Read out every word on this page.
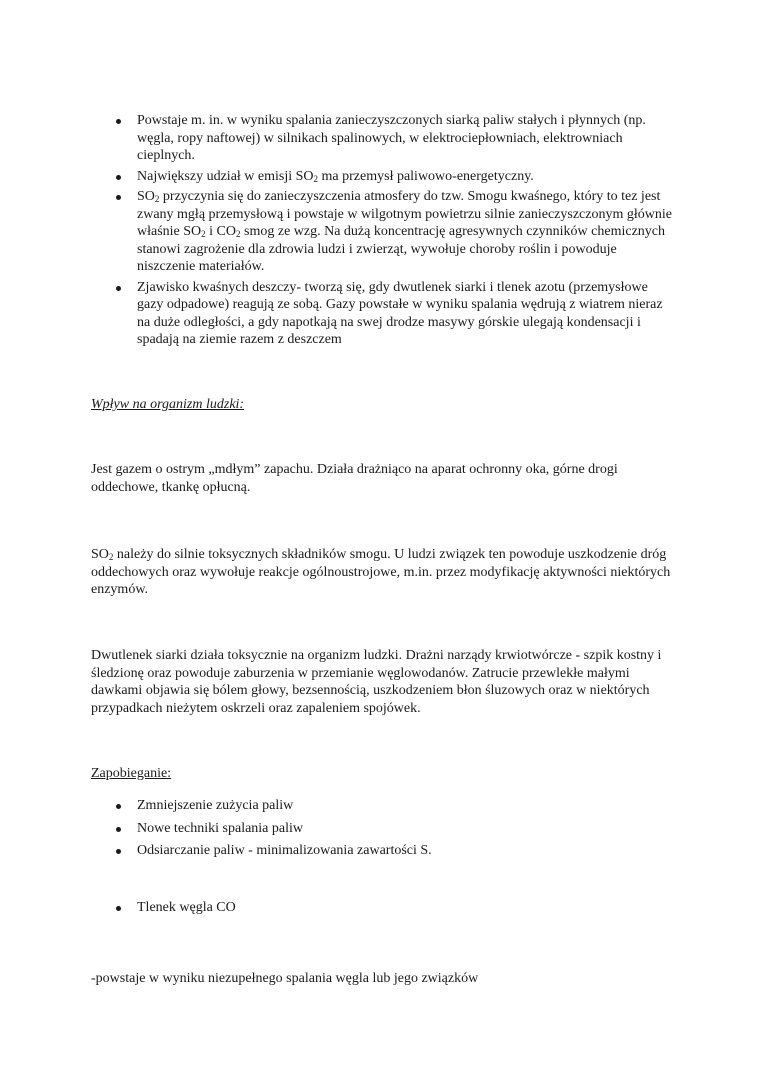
Powstaje m. in. w wyniku spalania zanieczyszczonych siarką paliw stałych i płynnych (np. węgla, ropy naftowej) w silnikach spalinowych, w elektrociepłowniach, elektrowniach cieplnych.
Największy udział w emisji $SO_2$ ma przemysł paliwowo-energetyczny.
$SO_2$ przyczynia się do zanieczyszczenia atmosfery do tzw. Smogu kwaśnego, który to tez jest zwany mgłą przemysłową i powstaje w wilgotnym powietrzu silnie zanieczyszczonym głównie właśnie $SO_2$ i $CO_2$ smog ze wzg. Na dużą koncentrację agresywnych czynników chemicznych stanowi zagrożenie dla zdrowia ludzi i zwierząt, wywołuje choroby roślin i powoduje niszczenie materiałów.
Zjawisko kwaśnych deszczy- tworzą się, gdy dwutlenek siarki i tlenek azotu (przemysłowe gazy odpadowe) reagują ze sobą. Gazy powstałe w wyniku spalania wędrują z wiatrem nieraz na duże odległości, a gdy napotkają na swej drodze masywy górskie ulegają kondensacji i spadają na ziemie razem z deszczem

Wpływ na organizm ludzki:

Jest gazem o ostrym „mdłym” zapachu. Działa drażniąco na aparat ochronny oka, górne drogi oddechowe, tkankę opłucną.

$SO_2$ należy do silnie toksycznych składników smogu. U ludzi związek ten powoduje uszkodzenie dróg oddechowych oraz wywołuje reakcje ogólnoustrojowe, m.in. przez modyfikację aktywności niektórych enzymów.

Dwutlenek siarki działa toksycznie na organizm ludzki. Drażni narządy krwiotwórcze - szpik kostny i śledzionę oraz powoduje zaburzenia w przemianie węglowodanów. Zatrucie przewlekłe małymi dawkami objawia się bólem głowy, bezsennością, uszkodzeniem błon śluzowych oraz w niektórych przypadkach nieżytem oskrzeli oraz zapaleniem spojówek.

Zapobieganie:

Zmniejszenie zużycia paliw
Nowe techniki spalania paliw
Odsiarczanie paliw - minimalizowania zawartości S.
Tlenek węgla CO

-powstaje w wyniku niezupełnego spalania węgla lub jego związków
